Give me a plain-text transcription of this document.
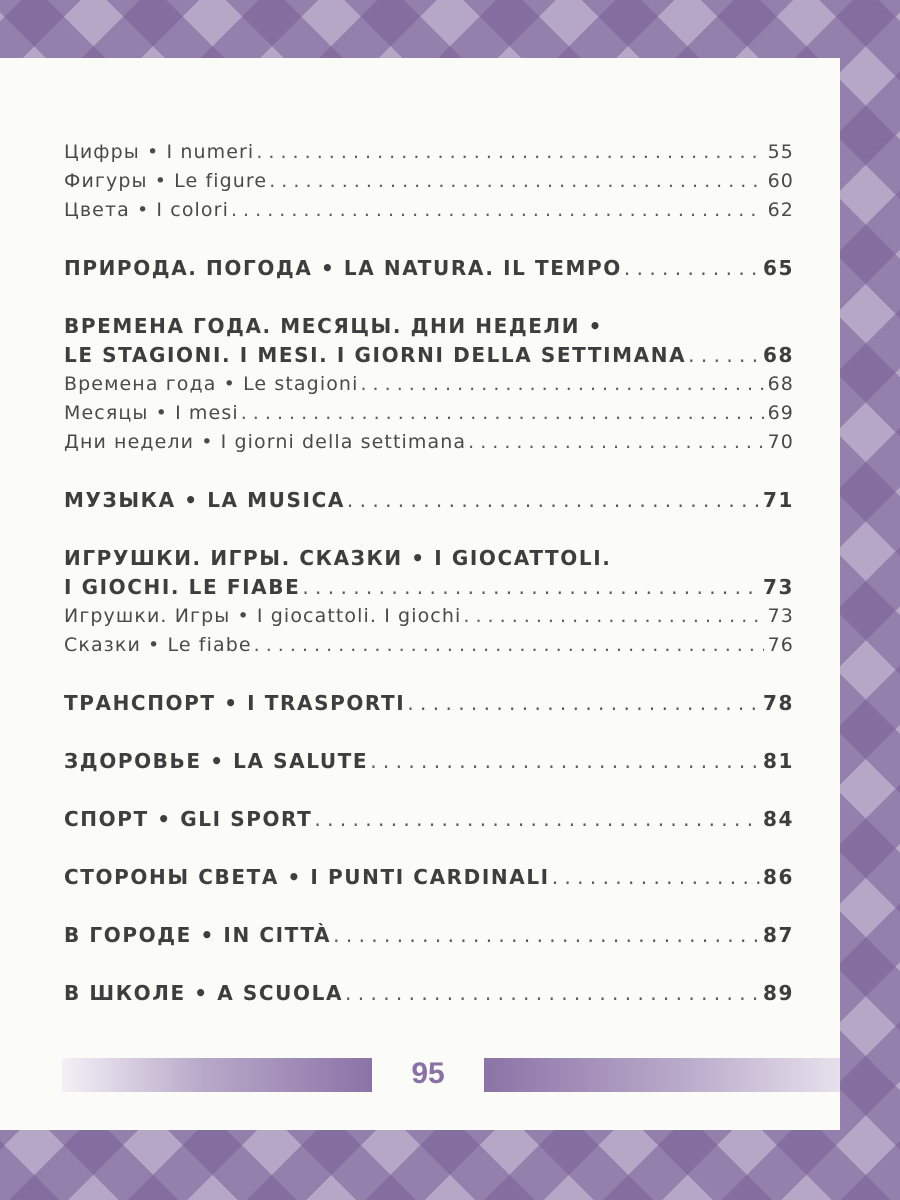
Цифры • I numeri . . .	55
Фигуры • Le figure . . .	60
Цвета • I colori . . .	62
ПРИРОДА. ПОГОДА • LA NATURA. IL TEMPO . . .	65
ВРЕМЕНА ГОДА. МЕСЯЦЫ. ДНИ НЕДЕЛИ •
LE STAGIONI. I MESI. I GIORNI DELLA SETTIMANA . . .	68
Времена года • Le stagioni . . .	68
Месяцы • I mesi . . .	69
Дни недели • I giorni della settimana . . .	70
МУЗЫКА • LA MUSICA . . .	71
ИГРУШКИ. ИГРЫ. СКАЗКИ • I GIOCATTOLI.
I GIOCHI. LE FIABE . . .	73
Игрушки. Игры • I giocattoli. I giochi . . .	73
Сказки • Le fiabe . . .	76
ТРАНСПОРТ • I TRASPORTI . . .	78
ЗДОРОВЬЕ • LA SALUTE . . .	81
СПОРТ • GLI SPORT . . .	84
СТОРОНЫ СВЕТА • I PUNTI CARDINALI . . .	86
В ГОРОДЕ • IN CITTÀ . . .	87
В ШКОЛЕ • A SCUOLA . . .	89
95
